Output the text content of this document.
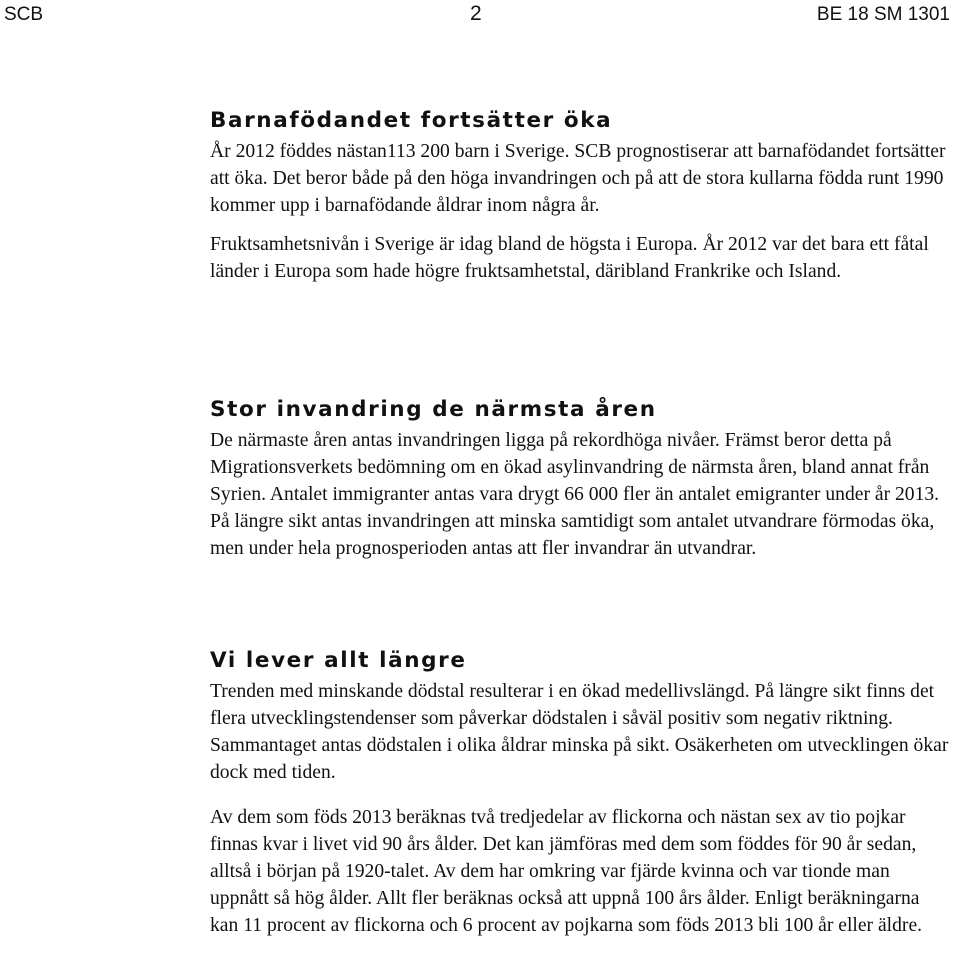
SCB	2	BE 18 SM 1301
Barnafödandet fortsätter öka

År 2012 föddes nästan113 200 barn i Sverige. SCB prognostiserar att barnafödandet fortsätter att öka. Det beror både på den höga invandringen och på att de stora kullarna födda runt 1990 kommer upp i barnafödande åldrar inom några år.

Fruktsamhetsnivån i Sverige är idag bland de högsta i Europa. År 2012 var det bara ett fåtal länder i Europa som hade högre fruktsamhetstal, däribland Frankrike och Island.

Stor invandring de närmsta åren

De närmaste åren antas invandringen ligga på rekordhöga nivåer. Främst beror detta på Migrationsverkets bedömning om en ökad asylinvandring de närmsta åren, bland annat från Syrien. Antalet immigranter antas vara drygt 66 000 fler än antalet emigranter under år 2013. På längre sikt antas invandringen att minska samtidigt som antalet utvandrare förmodas öka, men under hela prognosperioden antas att fler invandrar än utvandrar.

Vi lever allt längre

Trenden med minskande dödstal resulterar i en ökad medellivslängd. På längre sikt finns det flera utvecklingstendenser som påverkar dödstalen i såväl positiv som negativ riktning. Sammantaget antas dödstalen i olika åldrar minska på sikt. Osäkerheten om utvecklingen ökar dock med tiden.

Av dem som föds 2013 beräknas två tredjedelar av flickorna och nästan sex av tio pojkar finnas kvar i livet vid 90 års ålder. Det kan jämföras med dem som föddes för 90 år sedan, alltså i början på 1920-talet. Av dem har omkring var fjärde kvinna och var tionde man uppnått så hög ålder. Allt fler beräknas också att uppnå 100 års ålder. Enligt beräkningarna kan 11 procent av flickorna och 6 procent av pojkarna som föds 2013 bli 100 år eller äldre.
